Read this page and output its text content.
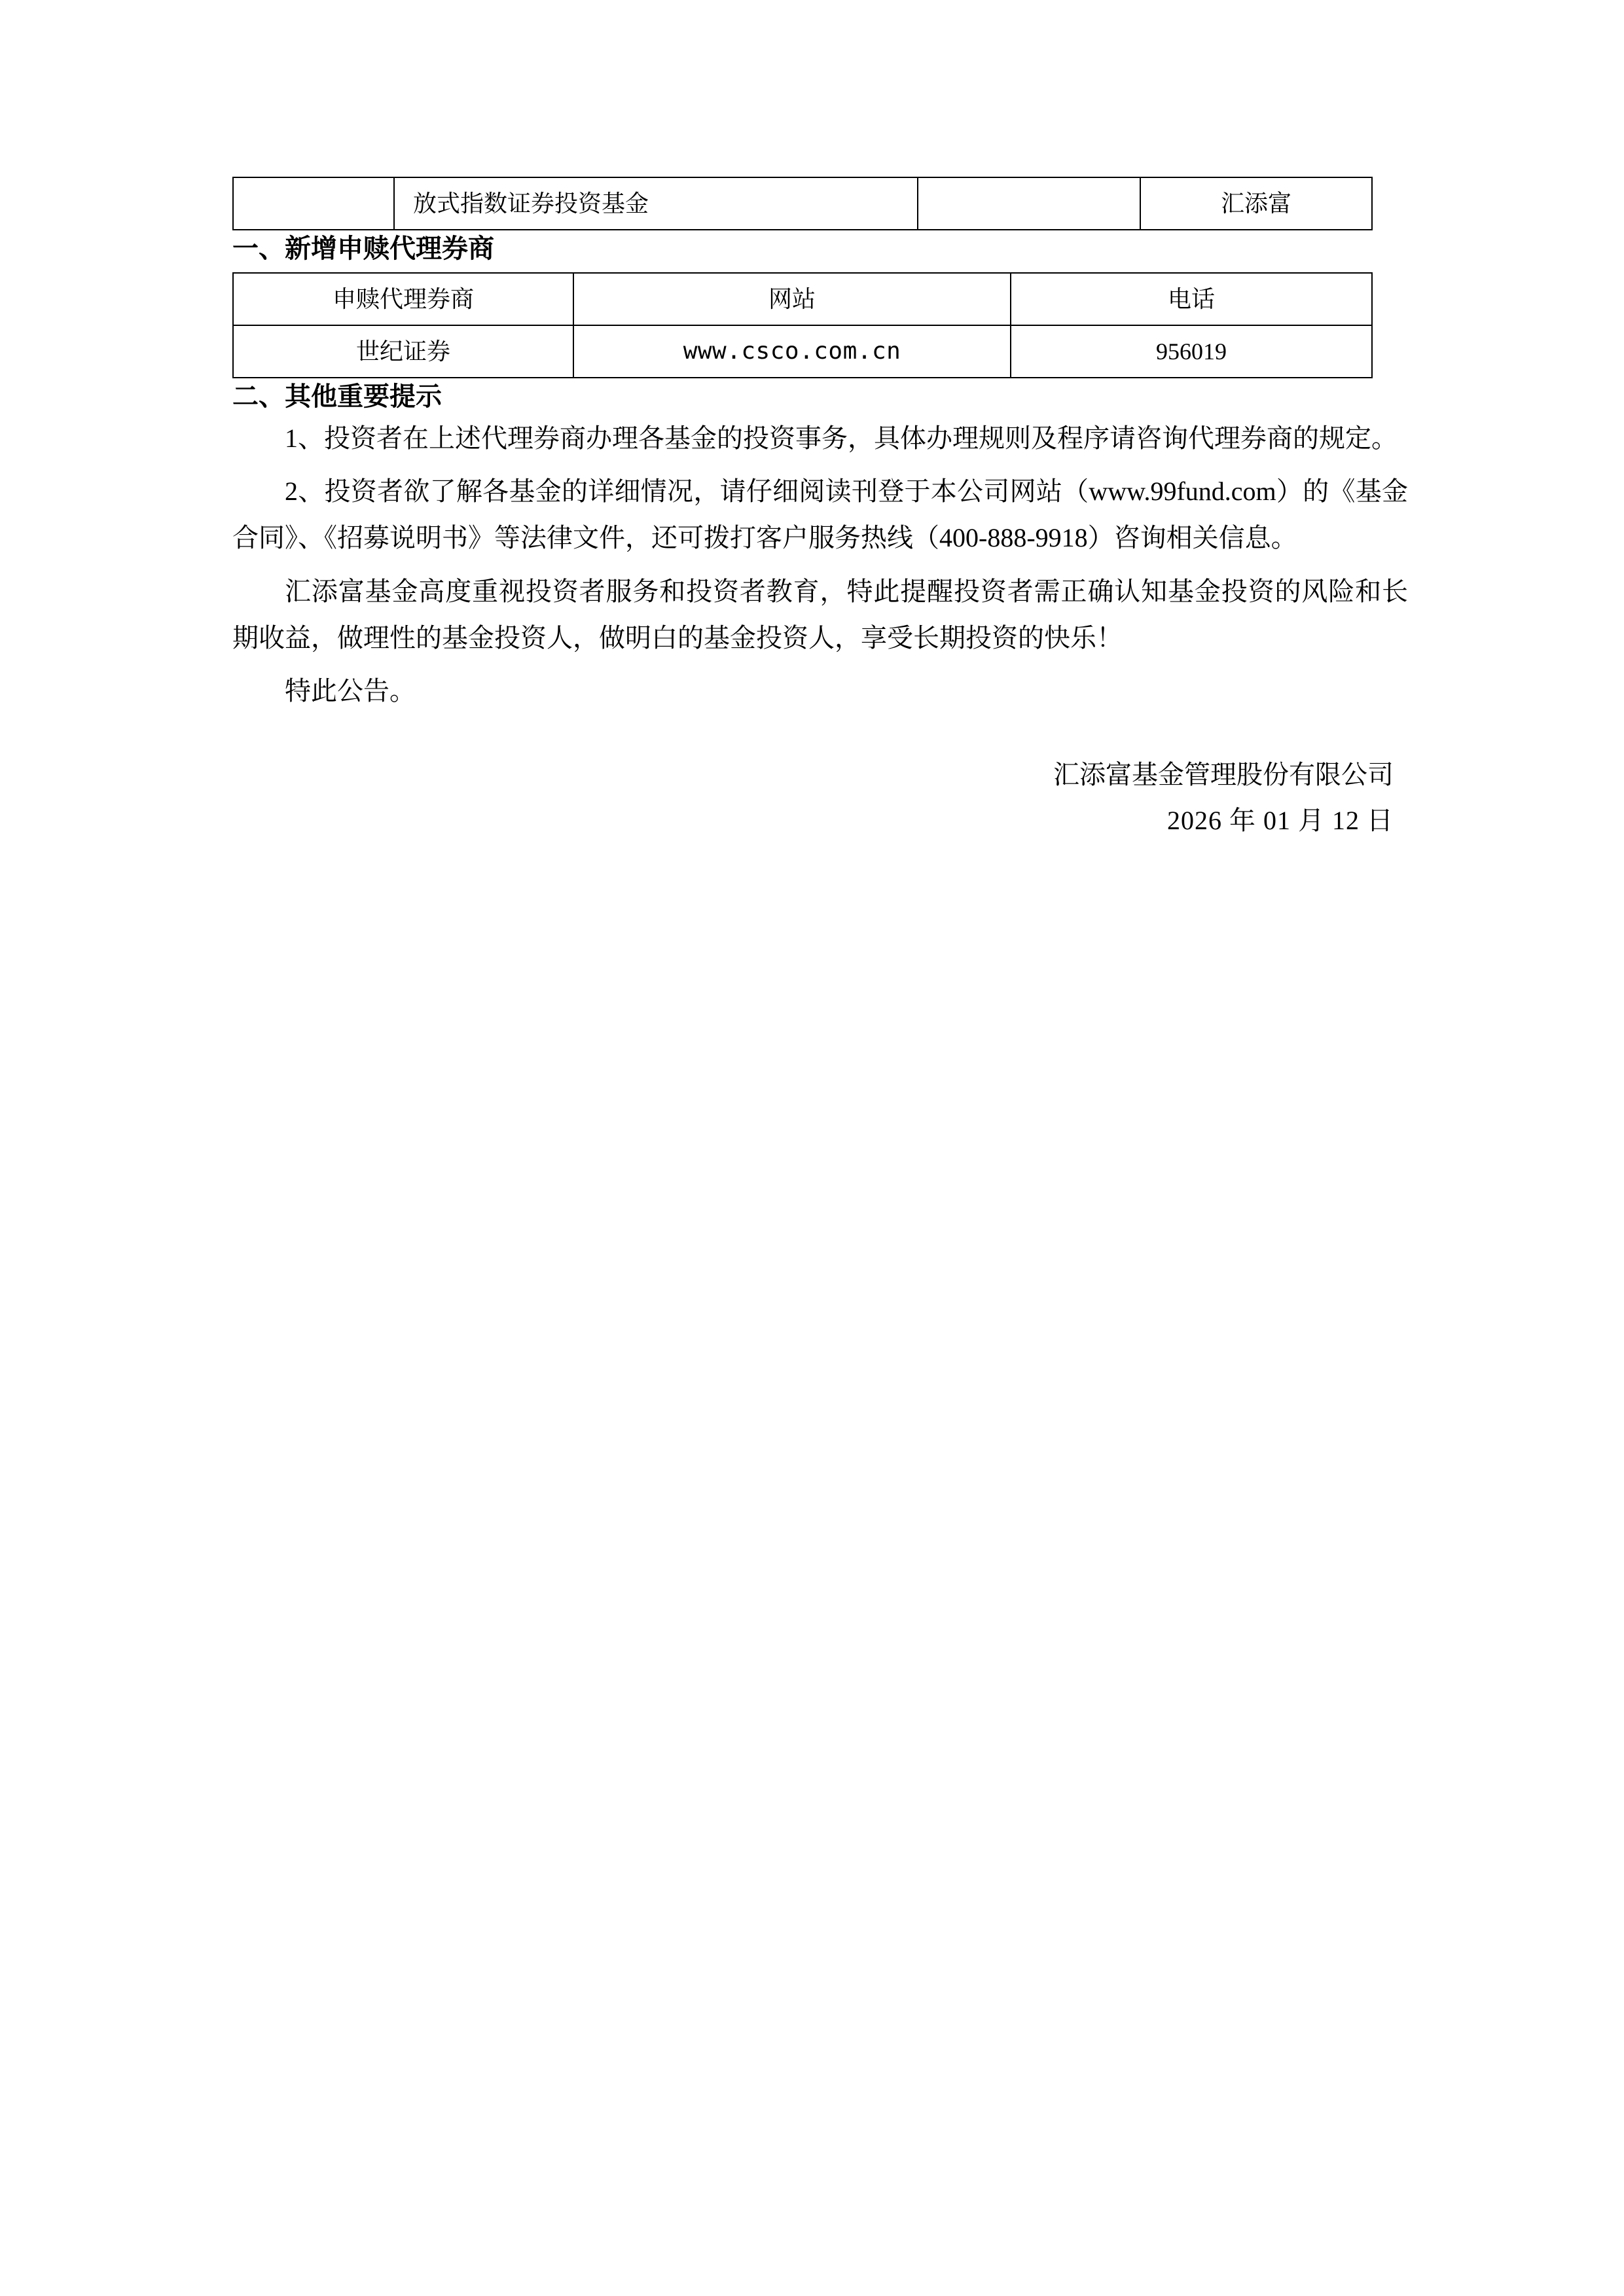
	放式指数证券投资基金		汇添富
一、新增申赎代理券商
申赎代理券商	网站	电话
世纪证券	www.csco.com.cn	956019
二、其他重要提示

1、投资者在上述代理券商办理各基金的投资事务，具体办理规则及程序请咨询代理券商的规定。

2、投资者欲了解各基金的详细情况，请仔细阅读刊登于本公司网站（www.99fund.com）的《基金合同》、《招募说明书》等法律文件，还可拨打客户服务热线（400-888-9918）咨询相关信息。

汇添富基金高度重视投资者服务和投资者教育，特此提醒投资者需正确认知基金投资的风险和长期收益，做理性的基金投资人，做明白的基金投资人，享受长期投资的快乐！

特此公告。

汇添富基金管理股份有限公司
2026 年 01 月 12 日
